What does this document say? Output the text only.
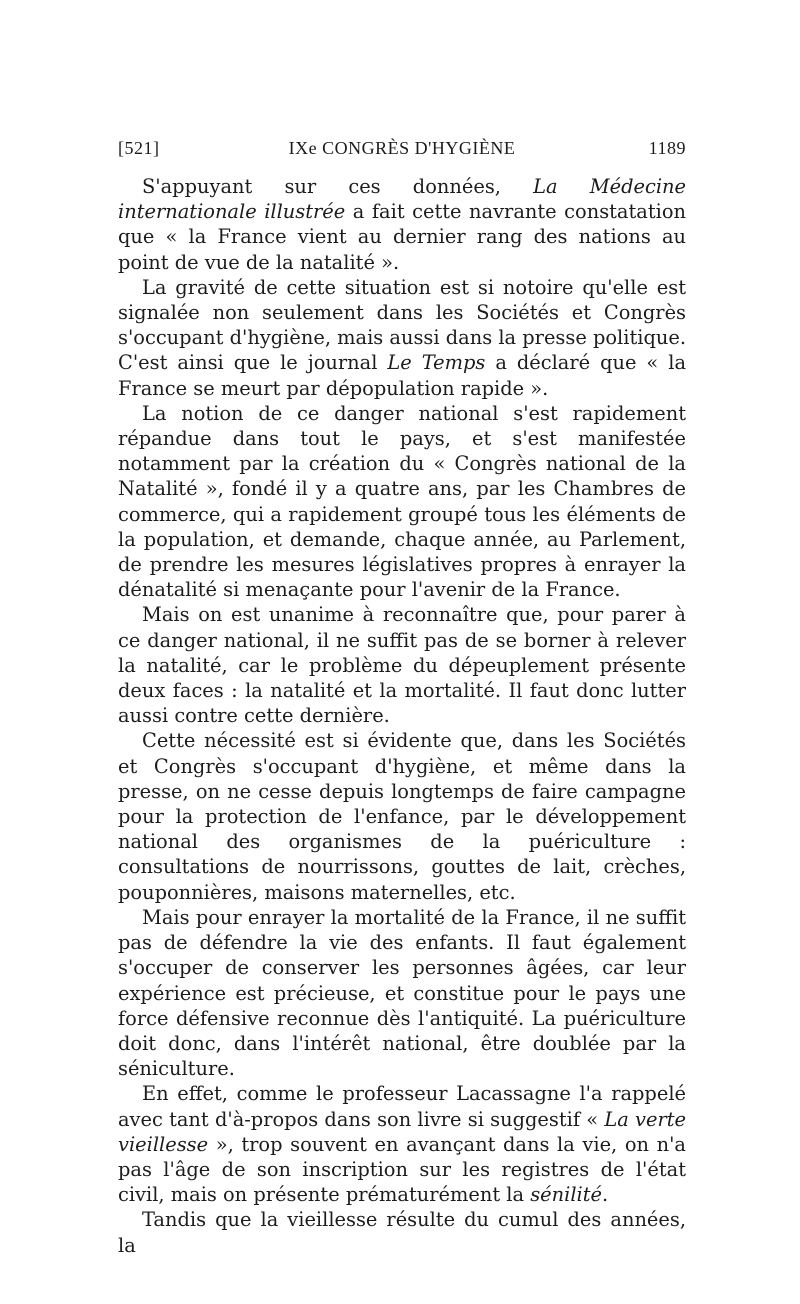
[521]	IXe CONGRÈS D'HYGIÈNE	1189

S'appuyant sur ces données, La Médecine internationale illustrée a fait cette navrante constatation que « la France vient au dernier rang des nations au point de vue de la natalité ».

La gravité de cette situation est si notoire qu'elle est signalée non seulement dans les Sociétés et Congrès s'occupant d'hygiène, mais aussi dans la presse politique. C'est ainsi que le journal Le Temps a déclaré que « la France se meurt par dépopulation rapide ».

La notion de ce danger national s'est rapidement répandue dans tout le pays, et s'est manifestée notamment par la création du « Congrès national de la Natalité », fondé il y a quatre ans, par les Chambres de commerce, qui a rapidement groupé tous les éléments de la population, et demande, chaque année, au Parlement, de prendre les mesures législatives propres à enrayer la dénatalité si menaçante pour l'avenir de la France.

Mais on est unanime à reconnaître que, pour parer à ce danger national, il ne suffit pas de se borner à relever la natalité, car le problème du dépeuplement présente deux faces : la natalité et la mortalité. Il faut donc lutter aussi contre cette dernière.

Cette nécessité est si évidente que, dans les Sociétés et Congrès s'occupant d'hygiène, et même dans la presse, on ne cesse depuis longtemps de faire campagne pour la protection de l'enfance, par le développement national des organismes de la puériculture : consultations de nourrissons, gouttes de lait, crèches, pouponnières, maisons maternelles, etc.

Mais pour enrayer la mortalité de la France, il ne suffit pas de défendre la vie des enfants. Il faut également s'occuper de conserver les personnes âgées, car leur expérience est précieuse, et constitue pour le pays une force défensive reconnue dès l'antiquité. La puériculture doit donc, dans l'intérêt national, être doublée par la séniculture.

En effet, comme le professeur Lacassagne l'a rappelé avec tant d'à-propos dans son livre si suggestif « La verte vieillesse », trop souvent en avançant dans la vie, on n'a pas l'âge de son inscription sur les registres de l'état civil, mais on présente prématurément la sénilité.

Tandis que la vieillesse résulte du cumul des années, la
